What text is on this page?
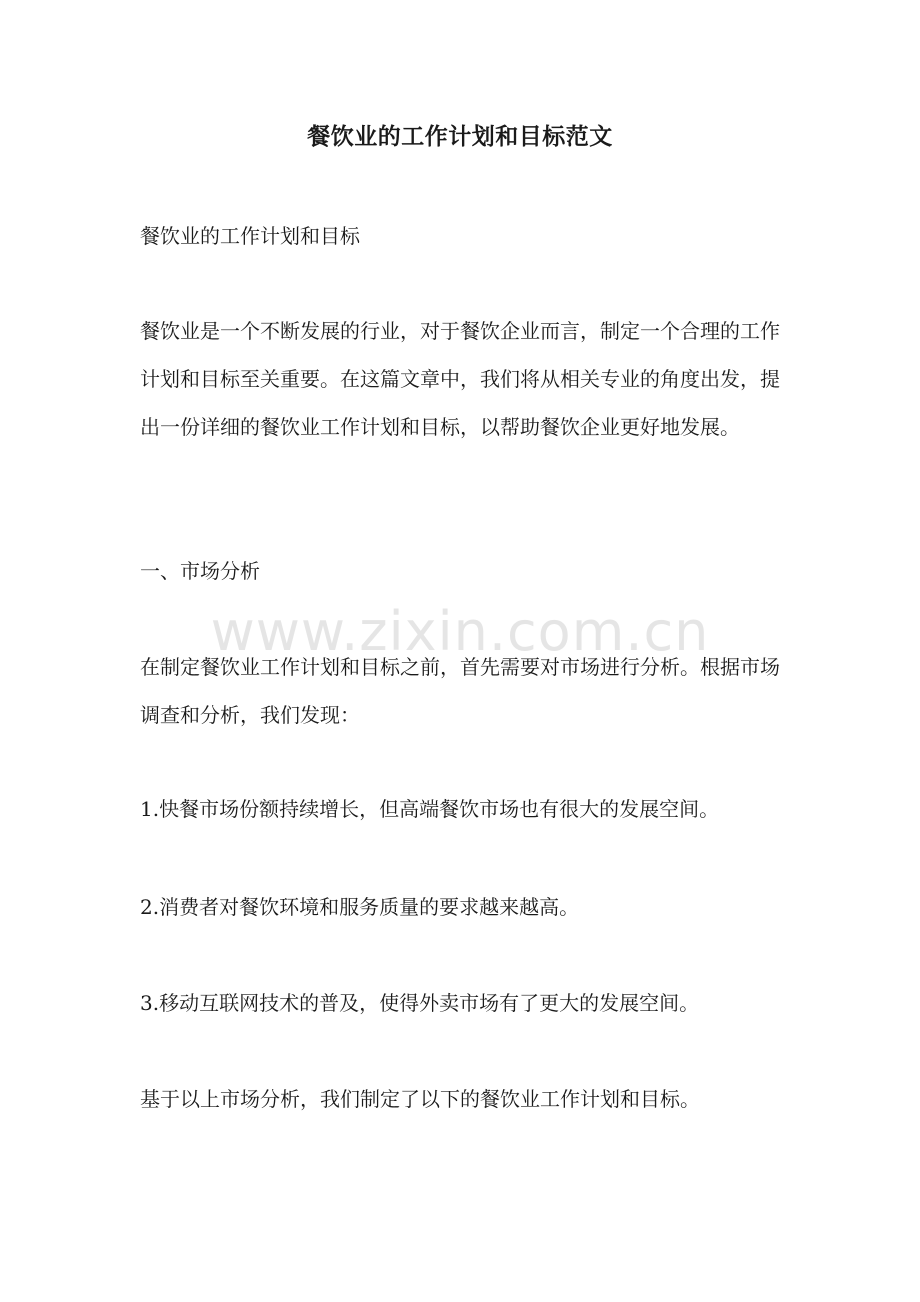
餐饮业的工作计划和目标范文

餐饮业的工作计划和目标

餐饮业是一个不断发展的行业，对于餐饮企业而言，制定一个合理的工作计划和目标至关重要。在这篇文章中，我们将从相关专业的角度出发，提出一份详细的餐饮业工作计划和目标，以帮助餐饮企业更好地发展。

一、市场分析

www.zixin.com.cn

在制定餐饮业工作计划和目标之前，首先需要对市场进行分析。根据市场调查和分析，我们发现：

1.快餐市场份额持续增长，但高端餐饮市场也有很大的发展空间。

2.消费者对餐饮环境和服务质量的要求越来越高。

3.移动互联网技术的普及，使得外卖市场有了更大的发展空间。

基于以上市场分析，我们制定了以下的餐饮业工作计划和目标。
